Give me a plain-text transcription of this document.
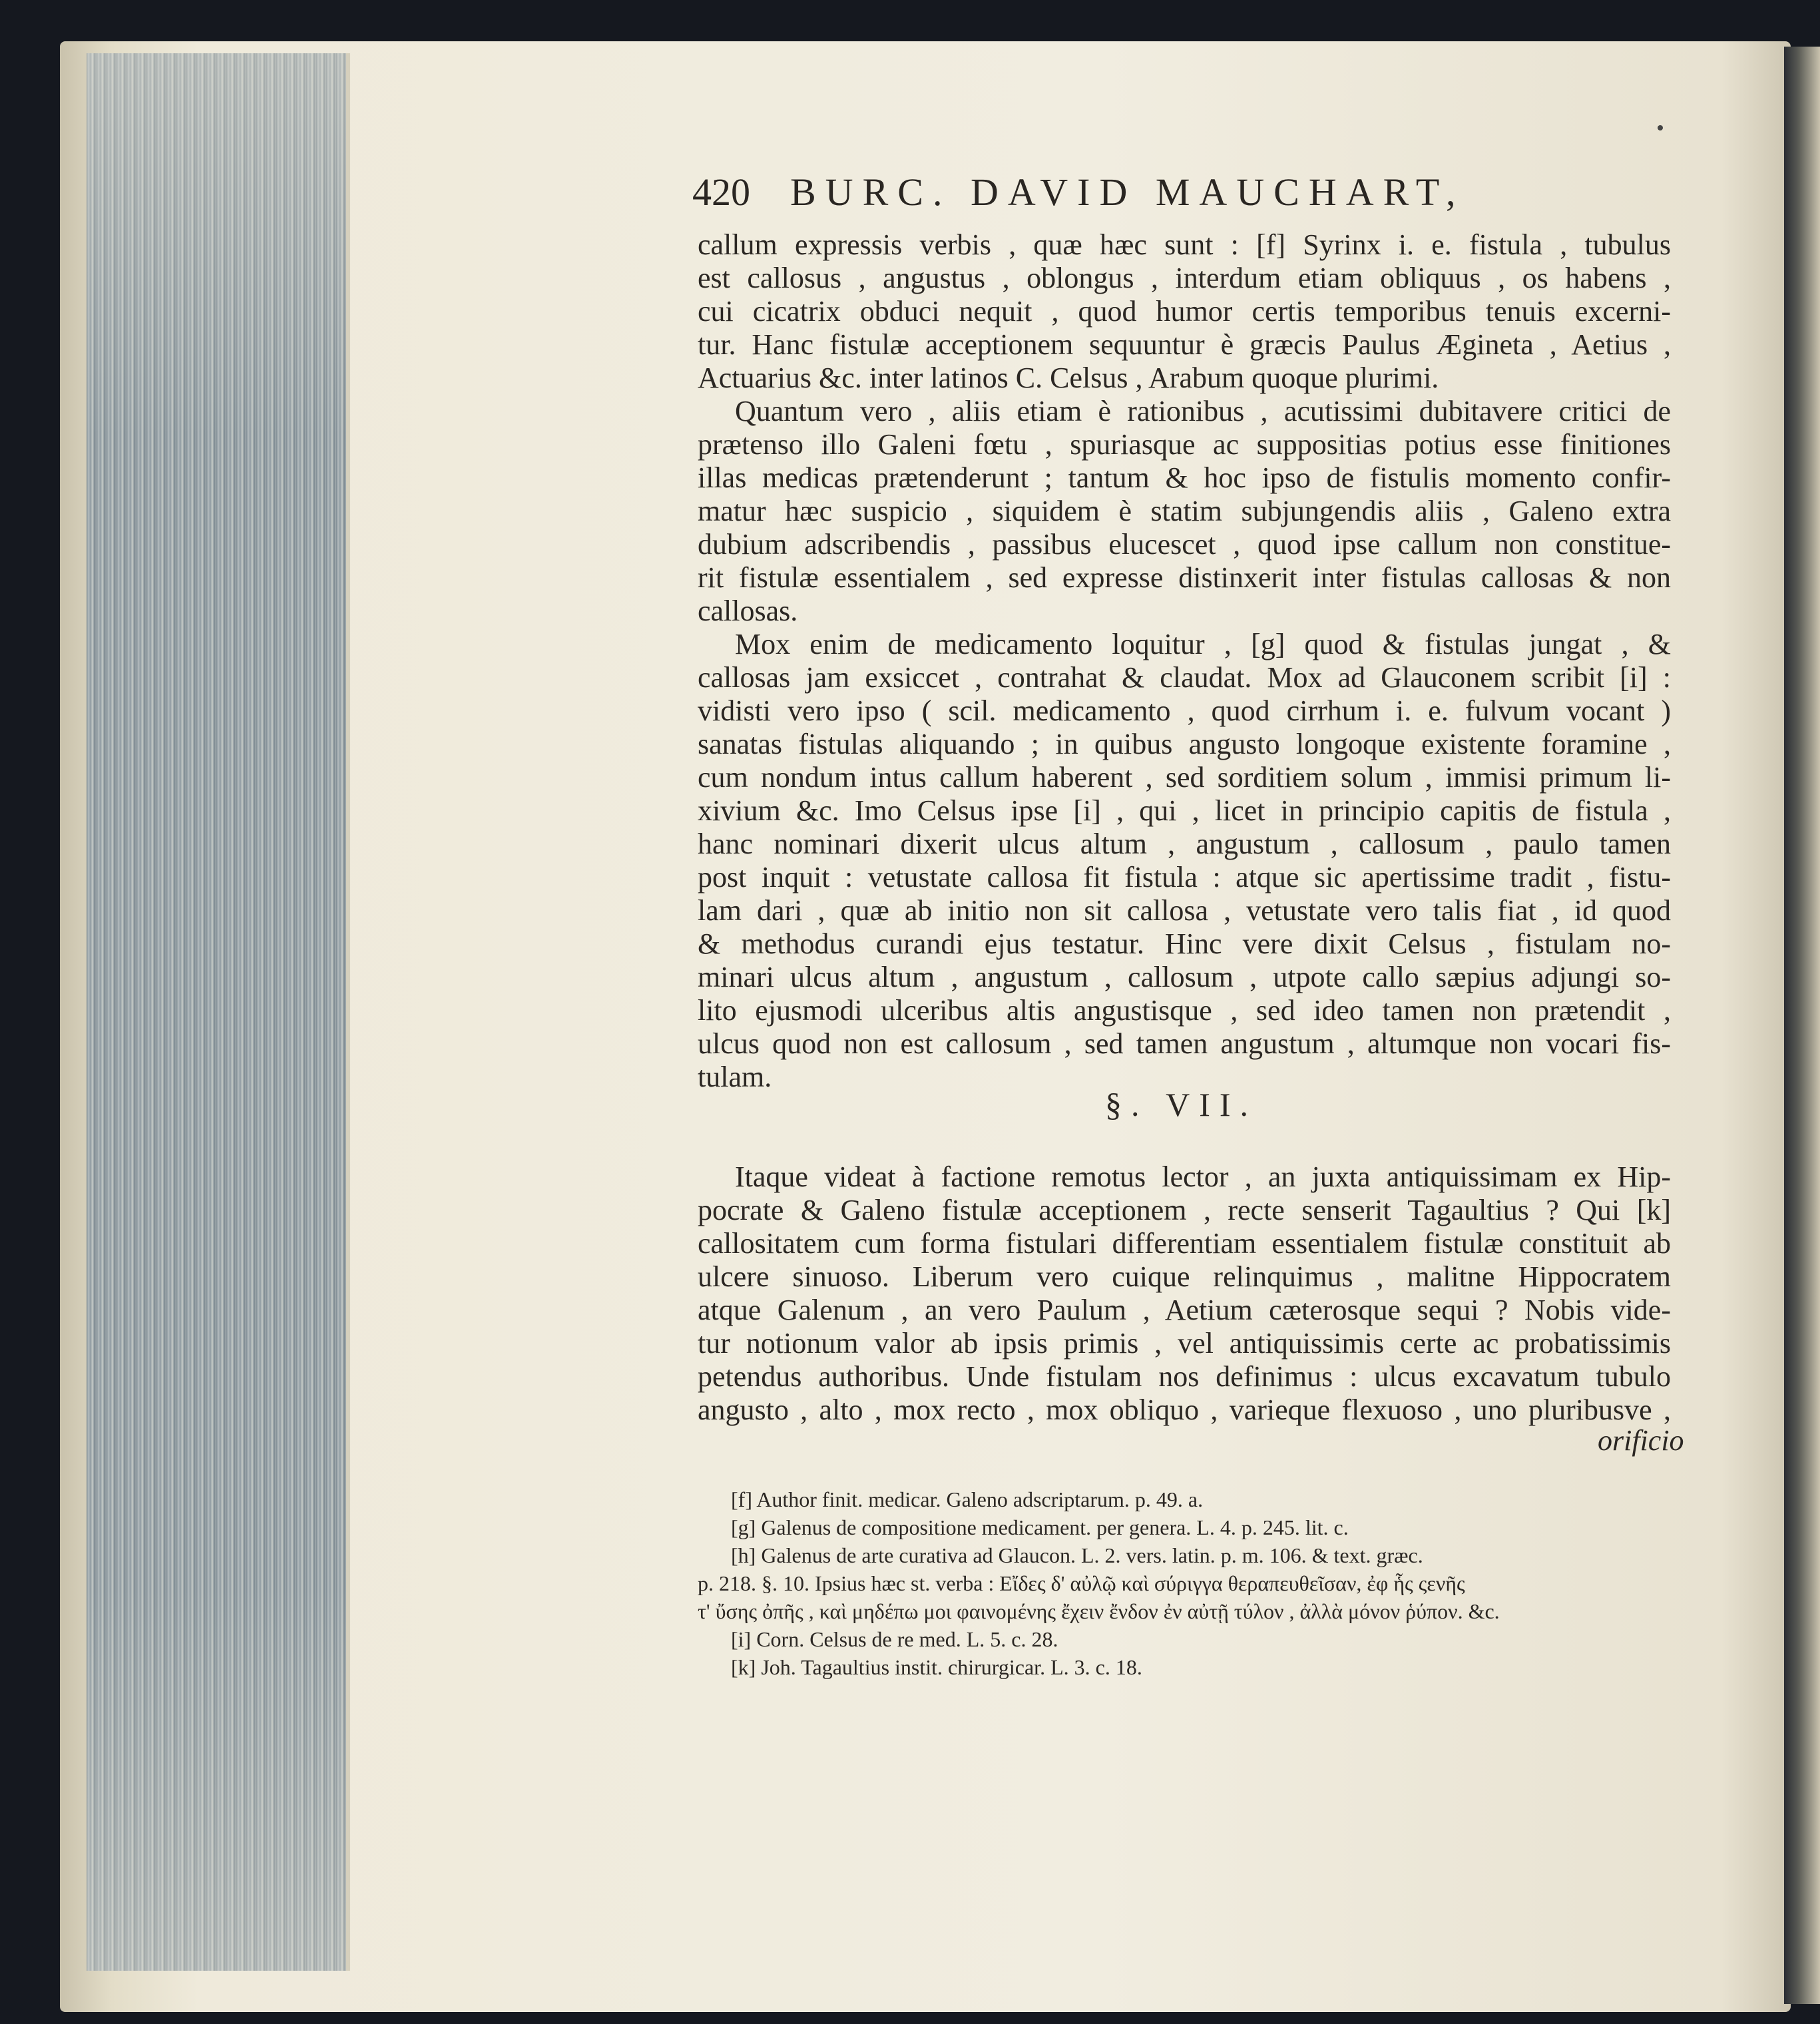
420 BURC. DAVID MAUCHART,
callum expressis verbis , quæ hæc sunt : [f] Syrinx i. e. fistula , tubulus
est callosus , angustus , oblongus , interdum etiam obliquus , os habens ,
cui cicatrix obduci nequit , quod humor certis temporibus tenuis excerni-
tur. Hanc fistulæ acceptionem sequuntur è græcis Paulus Ægineta , Aetius ,
Actuarius &c. inter latinos C. Celsus , Arabum quoque plurimi.
Quantum vero , aliis etiam è rationibus , acutissimi dubitavere critici de
prætenso illo Galeni fœtu , spuriasque ac suppositias potius esse finitiones
illas medicas prætenderunt ; tantum & hoc ipso de fistulis momento confir-
matur hæc suspicio , siquidem è statim subjungendis aliis , Galeno extra
dubium adscribendis , passibus elucescet , quod ipse callum non constitue-
rit fistulæ essentialem , sed expresse distinxerit inter fistulas callosas & non
callosas.
Mox enim de medicamento loquitur , [g] quod & fistulas jungat , &
callosas jam exsiccet , contrahat & claudat. Mox ad Glauconem scribit [i] :
vidisti vero ipso ( scil. medicamento , quod cirrhum i. e. fulvum vocant )
sanatas fistulas aliquando ; in quibus angusto longoque existente foramine ,
cum nondum intus callum haberent , sed sorditiem solum , immisi primum li-
xivium &c. Imo Celsus ipse [i] , qui , licet in principio capitis de fistula ,
hanc nominari dixerit ulcus altum , angustum , callosum , paulo tamen
post inquit : vetustate callosa fit fistula : atque sic apertissime tradit , fistu-
lam dari , quæ ab initio non sit callosa , vetustate vero talis fiat , id quod
& methodus curandi ejus testatur. Hinc vere dixit Celsus , fistulam no-
minari ulcus altum , angustum , callosum , utpote callo sæpius adjungi so-
lito ejusmodi ulceribus altis angustisque , sed ideo tamen non prætendit ,
ulcus quod non est callosum , sed tamen angustum , altumque non vocari fis-
tulam.
§. VII.
Itaque videat à factione remotus lector , an juxta antiquissimam ex Hip-
pocrate & Galeno fistulæ acceptionem , recte senserit Tagaultius ? Qui [k]
callositatem cum forma fistulari differentiam essentialem fistulæ constituit ab
ulcere sinuoso. Liberum vero cuique relinquimus , malitne Hippocratem
atque Galenum , an vero Paulum , Aetium cæterosque sequi ? Nobis vide-
tur notionum valor ab ipsis primis , vel antiquissimis certe ac probatissimis
petendus authoribus. Unde fistulam nos definimus : ulcus excavatum tubulo
angusto , alto , mox recto , mox obliquo , varieque flexuoso , uno pluribusve ,
orificio
[f] Author finit. medicar. Galeno adscriptarum. p. 49. a.
[g] Galenus de compositione medicament. per genera. L. 4. p. 245. lit. c.
[h] Galenus de arte curativa ad Glaucon. L. 2. vers. latin. p. m. 106. & text. græc.
p. 218. §. 10. Ipsius hæc st. verba : Εἴδες δ' αὐλῷ καὶ σύριγγα θεραπευθεῖσαν, ἐφ ἧς ςενῆς
τ' ὔσης ὀπῆς , καὶ μηδέπω μοι φαινομένης ἔχειν ἔνδον ἐν αὐτῇ τύλον , ἀλλὰ μόνον ῥύπον. &c.
[i] Corn. Celsus de re med. L. 5. c. 28.
[k] Joh. Tagaultius instit. chirurgicar. L. 3. c. 18.
